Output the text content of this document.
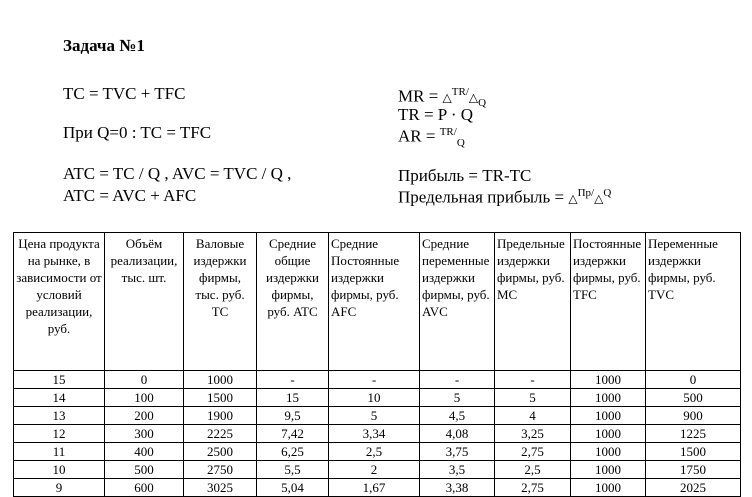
Задача №1
TC = TVC + TFC
При Q=0 : TC = TFC
ATC = TC / Q , AVC = TVC / Q ,
ATC = AVC + AFC
MR = $\triangle^{TR/}\triangle_Q$
TR = P · Q
AR = $^{TR/}_Q$
Прибыль = TR-TC
Предельная прибыль = △$^{Пр/}$△$^Q$
Цена продукта на рынке, в зависимости от условий реализации, руб.	Объём реализации, тыс. шт.	Валовые издержки фирмы, тыс. руб. TC	Средние общие издержки фирмы, руб. ATC	Средние Постоянные издержки фирмы, руб. AFC	Средние переменные издержки фирмы, руб. AVC	Предельные издержки фирмы, руб. MC	Постоянные издержки фирмы, руб. TFC	Переменные издержки фирмы, руб. TVC
15	0	1000	-	-	-	-	1000	0
14	100	1500	15	10	5	5	1000	500
13	200	1900	9,5	5	4,5	4	1000	900
12	300	2225	7,42	3,34	4,08	3,25	1000	1225
11	400	2500	6,25	2,5	3,75	2,75	1000	1500
10	500	2750	5,5	2	3,5	2,5	1000	1750
9	600	3025	5,04	1,67	3,38	2,75	1000	2025
